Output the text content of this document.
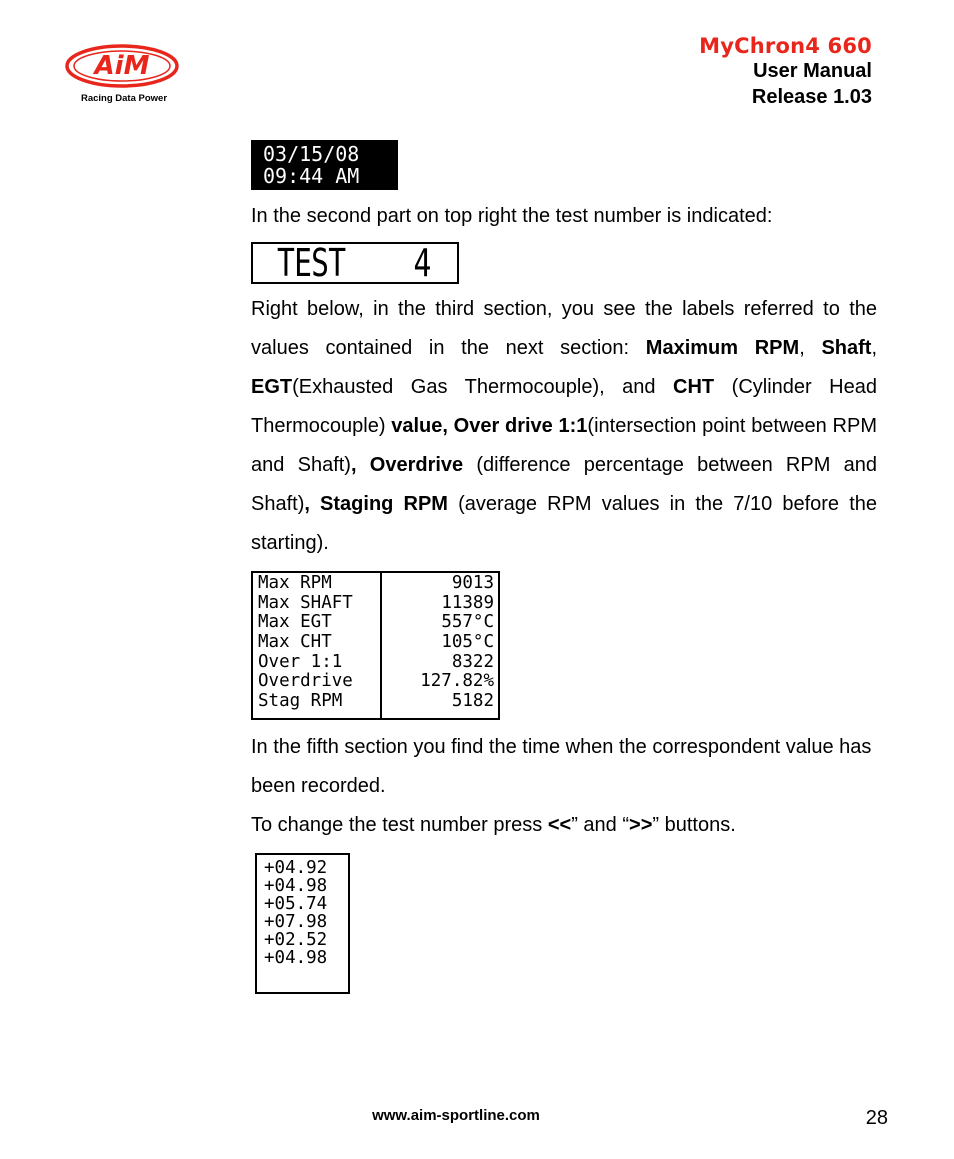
AiM
Racing Data Power
MyChron4 660
User Manual
Release 1.03
03/15/08
09:44 AM
In the second part on top right the test number is indicated:
TEST    4
Right below, in the third section, you see the labels referred to the values contained in the next section: Maximum RPM, Shaft, EGT(Exhausted Gas Thermocouple), and CHT (Cylinder Head Thermocouple) value, Over drive 1:1(intersection point between RPM and Shaft), Overdrive (difference percentage between RPM and Shaft), Staging RPM (average RPM values in the 7/10 before the starting).
Max RPM
Max SHAFT
Max EGT
Max CHT
Over 1:1
Overdrive
Stag RPM
9013
11389
557°C
105°C
8322
127.82%
5182
In the fifth section you find the time when the correspondent value has been recorded.
To change the test number press <<” and “>>” buttons.
+04.92
+04.98
+05.74
+07.98
+02.52
+04.98
www.aim-sportline.com	28
